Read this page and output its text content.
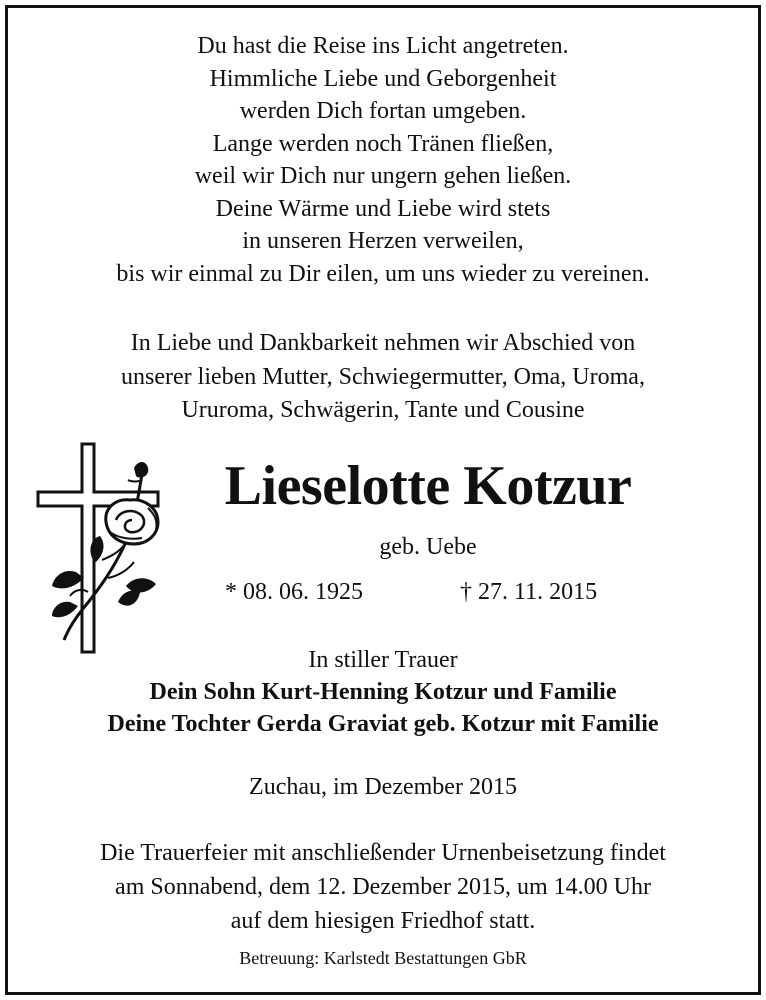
Du hast die Reise ins Licht angetreten.
Himmliche Liebe und Geborgenheit
werden Dich fortan umgeben.
Lange werden noch Tränen fließen,
weil wir Dich nur ungern gehen ließen.
Deine Wärme und Liebe wird stets
in unseren Herzen verweilen,
bis wir einmal zu Dir eilen, um uns wieder zu vereinen.
In Liebe und Dankbarkeit nehmen wir Abschied von
unserer lieben Mutter, Schwiegermutter, Oma, Uroma,
Ururoma, Schwägerin, Tante und Cousine
Lieselotte Kotzur
geb. Uebe
* 08. 06. 1925	† 27. 11. 2015
In stiller Trauer
Dein Sohn Kurt-Henning Kotzur und Familie
Deine Tochter Gerda Graviat geb. Kotzur mit Familie
Zuchau, im Dezember 2015
Die Trauerfeier mit anschließender Urnenbeisetzung findet
am Sonnabend, dem 12. Dezember 2015, um 14.00 Uhr
auf dem hiesigen Friedhof statt.
Betreuung: Karlstedt Bestattungen GbR
